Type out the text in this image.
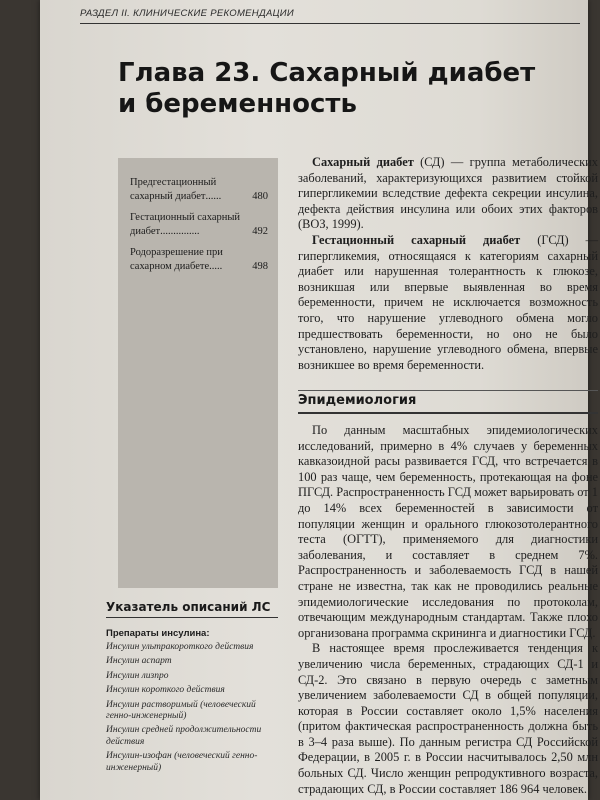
РАЗДЕЛ II. КЛИНИЧЕСКИЕ РЕКОМЕНДАЦИИ
Глава 23. Сахарный диабет
и беременность
Предгестационный
сахарный диабет ......	480
Гестационный сахарный
диабет ...............	492
Родоразрешение при
сахарном диабете .....	498

Сахарный диабет (СД) — группа метаболических заболеваний, характеризующихся развитием стойкой гипергликемии вследствие дефекта секреции инсулина, дефекта действия инсулина или обоих этих факторов (ВОЗ, 1999).

Гестационный сахарный диабет (ГСД) — гипергликемия, относящаяся к категориям сахарный диабет или нарушенная толерантность к глюкозе, возникшая или впервые выявленная во время беременности, причем не исключается возможность того, что нарушение углеводного обмена могло предшествовать беременности, но оно не было установлено, нарушение углеводного обмена, впервые возникшее во время беременности.

Эпидемиология

По данным масштабных эпидемиологических исследований, примерно в 4% случаев у беременных кавказоидной расы развивается ГСД, что встречается в 100 раз чаще, чем беременность, протекающая на фоне ПГСД. Распространенность ГСД может варьировать от 1 до 14% всех беременностей в зависимости от популяции женщин и орального глюкозотолерантного теста (ОГТТ), применяемого для диагностики заболевания, и составляет в среднем 7%. Распространенность и заболеваемость ГСД в нашей стране не известна, так как не проводились реальные эпидемиологические исследования по протоколам, отвечающим международным стандартам. Также плохо организована программа скрининга и диагностики ГСД.

В настоящее время прослеживается тенденция к увеличению числа беременных, страдающих СД-1 и СД-2. Это связано в первую очередь с заметным увеличением заболеваемости СД в общей популяции, которая в России составляет около 1,5% населения (притом фактическая распространенность должна быть в 3–4 раза выше). По данным регистра СД Российской Федерации, в 2005 г. в России насчитывалось 2,50 млн больных СД. Число женщин репродуктивного возраста, страдающих СД, в России составляет 186 964 человек.

Указатель описаний ЛС
Препараты инсулина:
Инсулин ультракороткого действия
Инсулин аспарт
Инсулин лизпро
Инсулин короткого действия
Инсулин растворимый (человеческий генно-инженерный)
Инсулин средней продолжительности действия
Инсулин-изофан (человеческий генно-инженерный)
